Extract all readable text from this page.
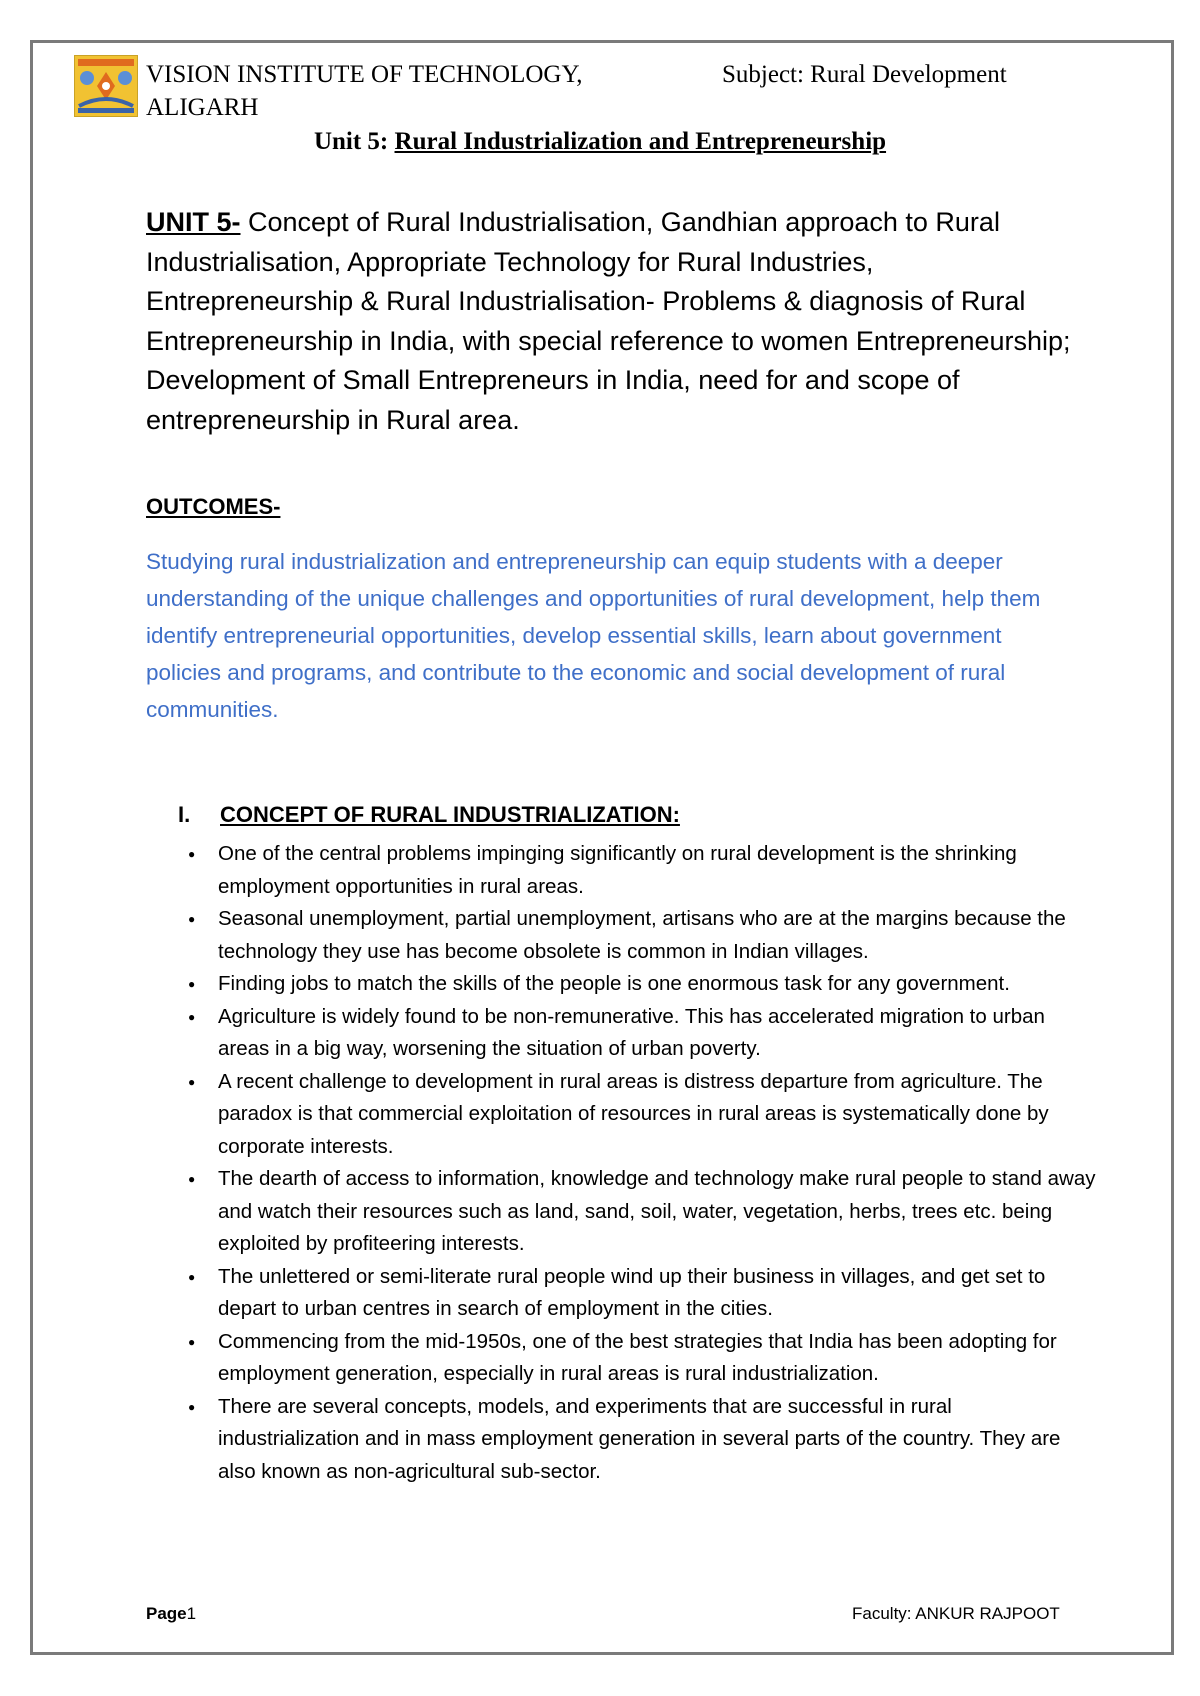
VISION INSTITUTE OF TECHNOLOGY, ALIGARH
Subject: Rural Development
Unit 5: Rural Industrialization and Entrepreneurship

UNIT 5- Concept of Rural Industrialisation, Gandhian approach to Rural Industrialisation, Appropriate Technology for Rural Industries, Entrepreneurship & Rural Industrialisation- Problems & diagnosis of Rural Entrepreneurship in India, with special reference to women Entrepreneurship; Development of Small Entrepreneurs in India, need for and scope of entrepreneurship in Rural area.

OUTCOMES-

Studying rural industrialization and entrepreneurship can equip students with a deeper understanding of the unique challenges and opportunities of rural development, help them identify entrepreneurial opportunities, develop essential skills, learn about government policies and programs, and contribute to the economic and social development of rural communities.

I. CONCEPT OF RURAL INDUSTRIALIZATION:
● One of the central problems impinging significantly on rural development is the shrinking employment opportunities in rural areas.
● Seasonal unemployment, partial unemployment, artisans who are at the margins because the technology they use has become obsolete is common in Indian villages.
● Finding jobs to match the skills of the people is one enormous task for any government.
● Agriculture is widely found to be non-remunerative. This has accelerated migration to urban areas in a big way, worsening the situation of urban poverty.
● A recent challenge to development in rural areas is distress departure from agriculture. The paradox is that commercial exploitation of resources in rural areas is systematically done by corporate interests.
● The dearth of access to information, knowledge and technology make rural people to stand away and watch their resources such as land, sand, soil, water, vegetation, herbs, trees etc. being exploited by profiteering interests.
● The unlettered or semi-literate rural people wind up their business in villages, and get set to depart to urban centres in search of employment in the cities.
● Commencing from the mid-1950s, one of the best strategies that India has been adopting for employment generation, especially in rural areas is rural industrialization.
● There are several concepts, models, and experiments that are successful in rural industrialization and in mass employment generation in several parts of the country. They are also known as non-agricultural sub-sector.
Page1	Faculty: ANKUR RAJPOOT
